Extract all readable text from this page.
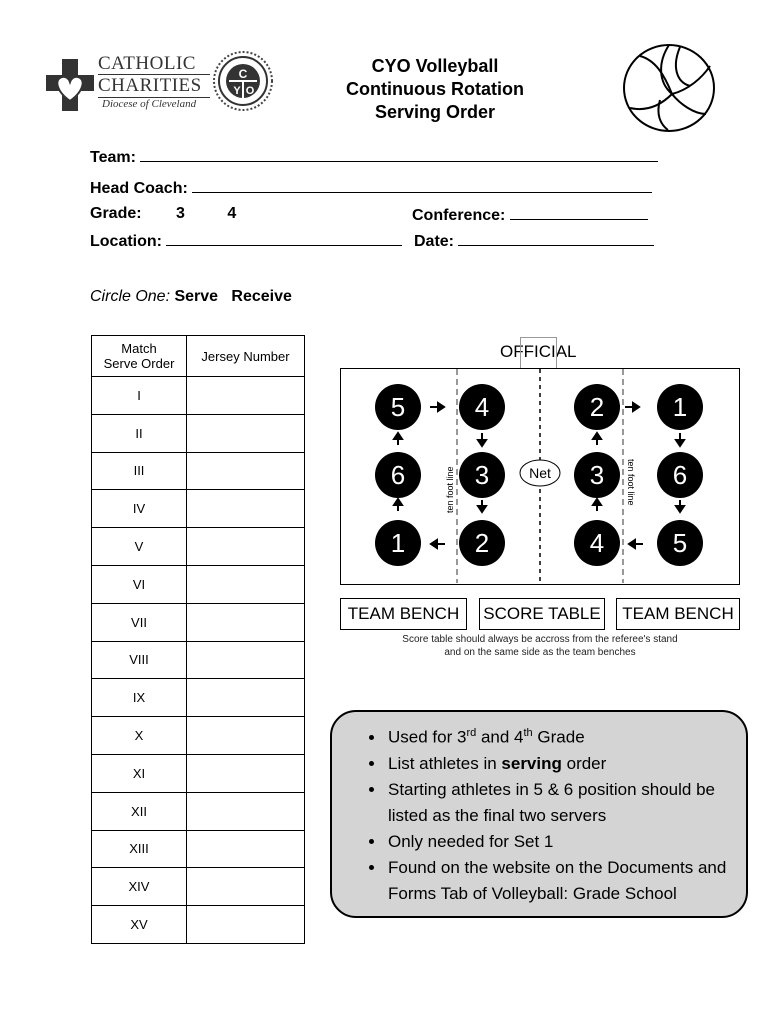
CATHOLIC
CHARITIES
Diocese of Cleveland
C
Y O
CYO Volleyball
Continuous Rotation
Serving Order
Team:
Head Coach:
Grade: 3	4	Conference:
Location:	Date:
Circle One: Serve Receive
Match
Serve Order	Jersey Number
I	
II	
III	
IV	
V	
VI	
VII	
VIII	
IX	
X	
XI	
XII	
XIII	
XIV	
XV	
OFFICIAL
5	4
6	3
1	2
2	1
3	6
4	5
Net
ten foot line	ten foot line
TEAM BENCH	SCORE TABLE	TEAM BENCH
Score table should always be accross from the referee's stand
and on the same side as the team benches
• Used for 3rd and 4th Grade
• List athletes in serving order
• Starting athletes in 5 & 6 position should be listed as the final two servers
• Only needed for Set 1
• Found on the website on the Documents and Forms Tab of Volleyball: Grade School
